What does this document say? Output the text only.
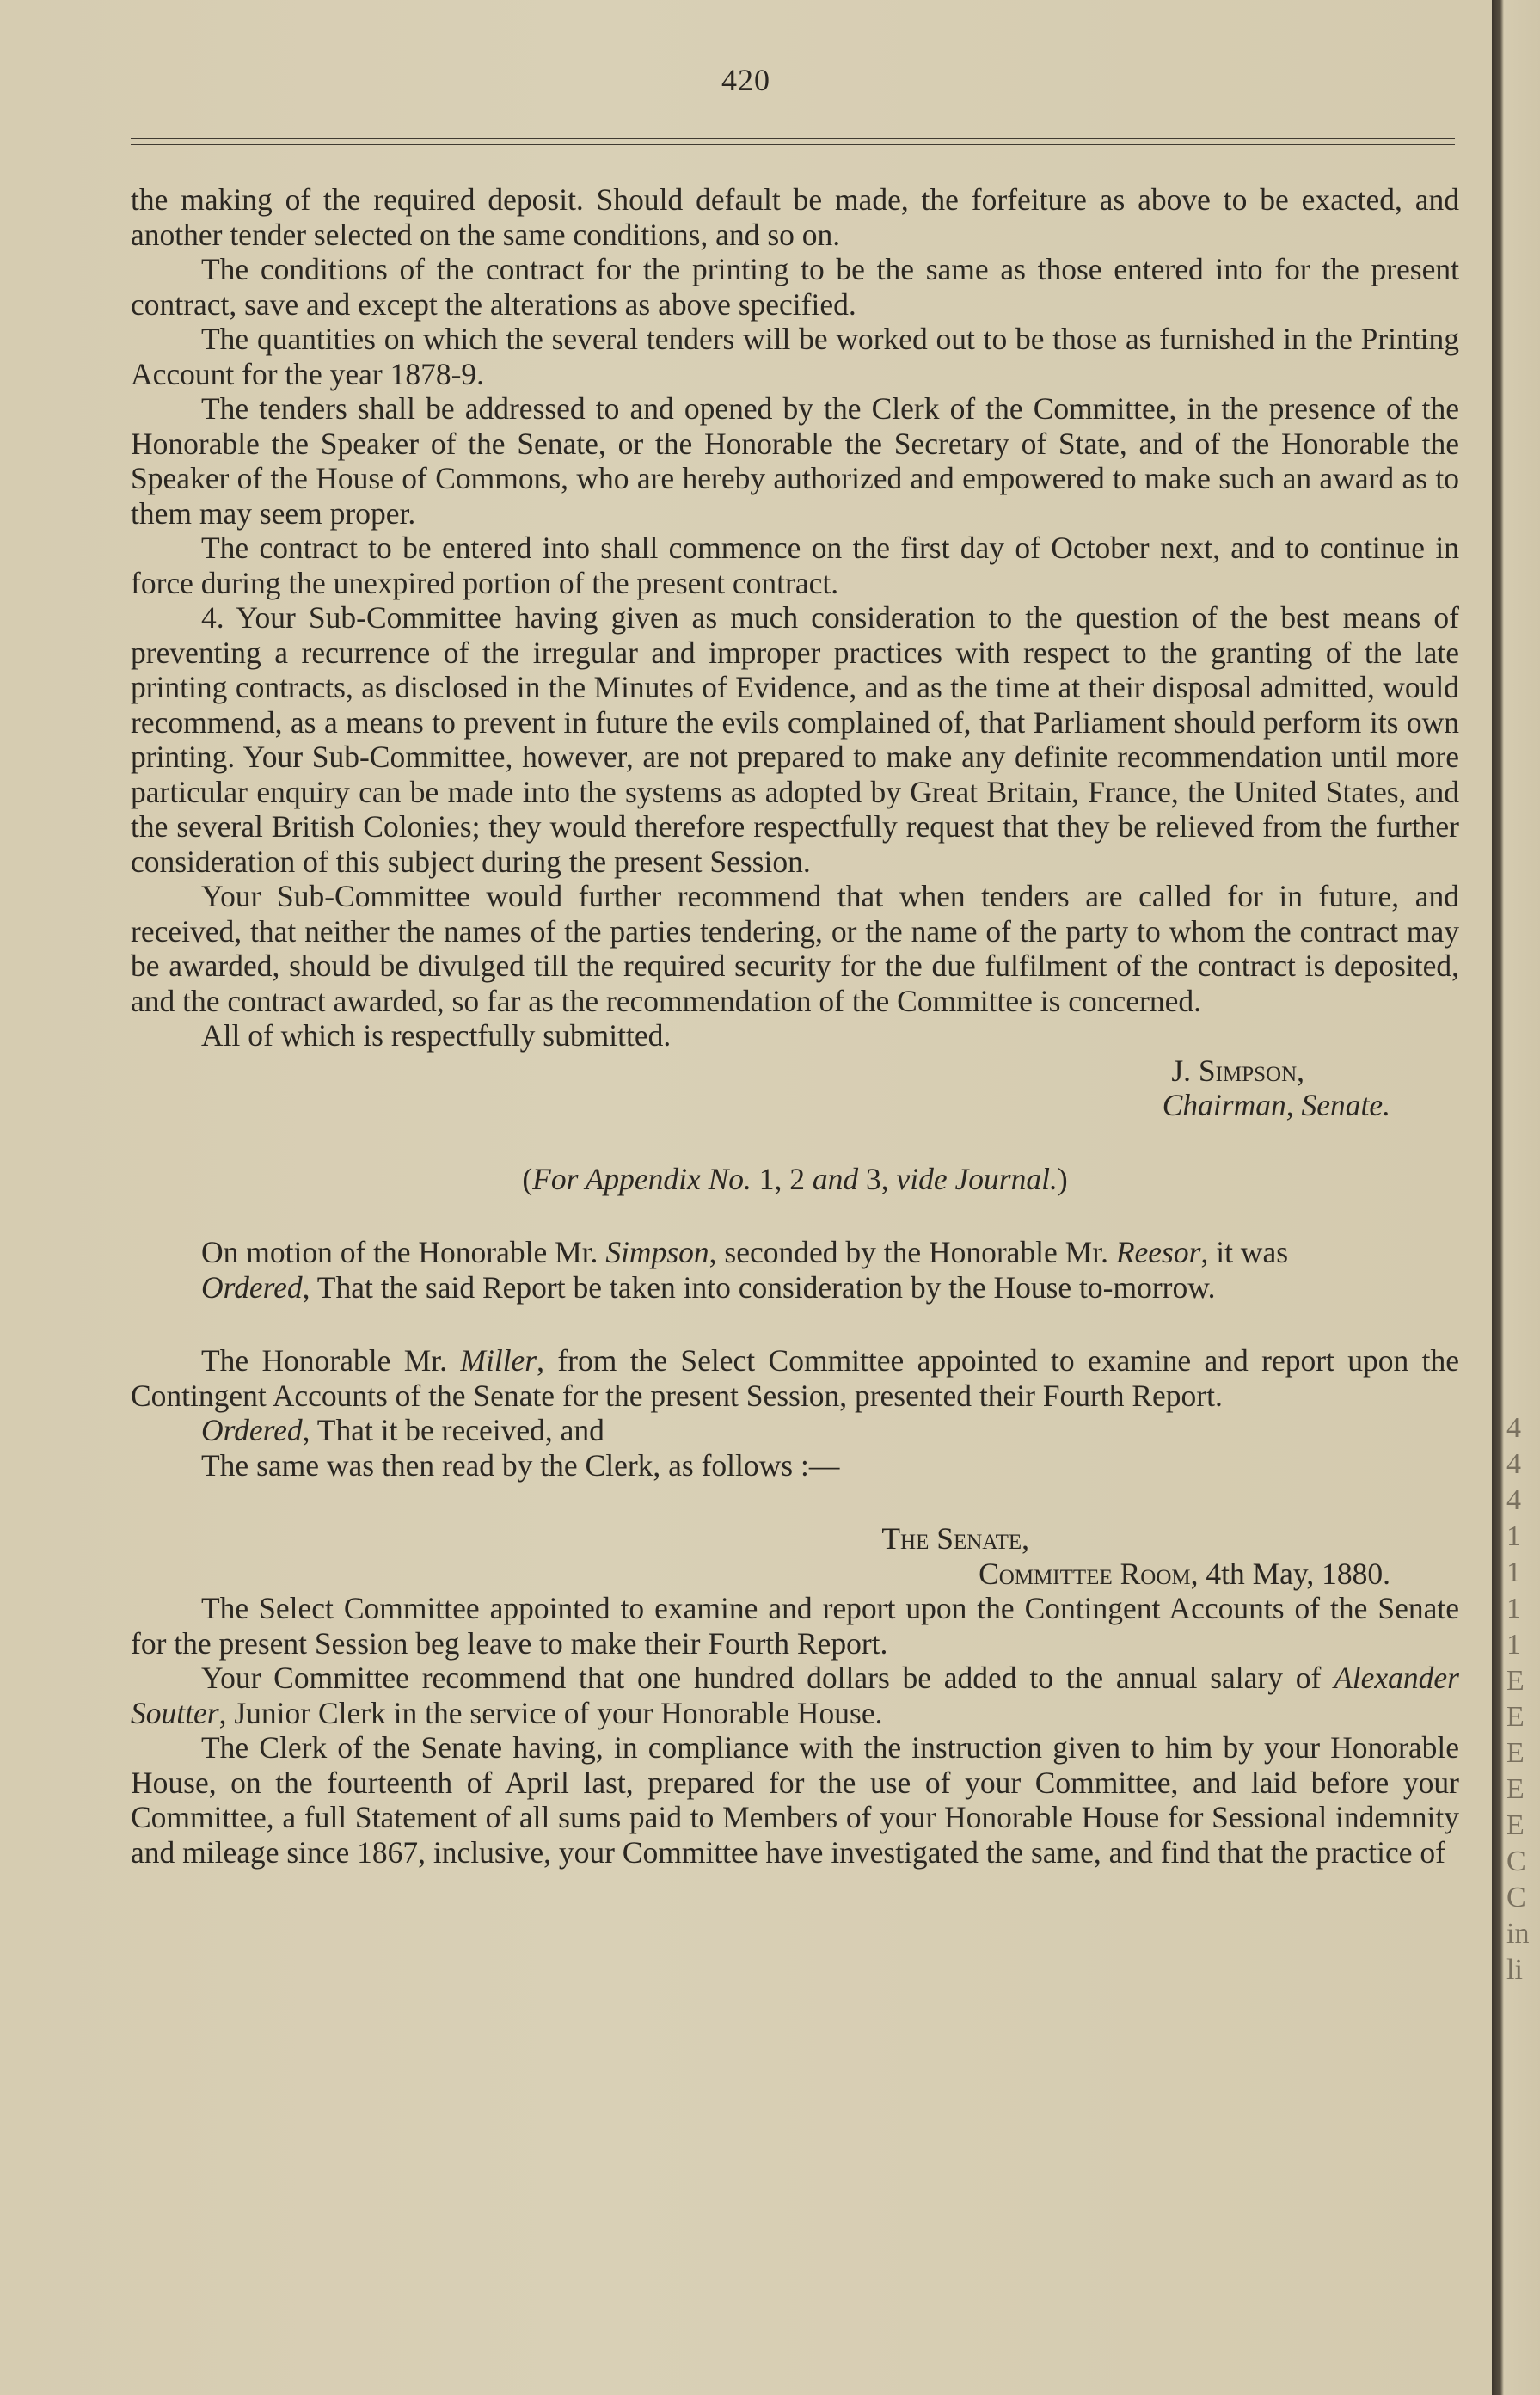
420

the making of the required deposit. Should default be made, the forfeiture as above to be exacted, and another tender selected on the same conditions, and so on.

The conditions of the contract for the printing to be the same as those entered into for the present contract, save and except the alterations as above specified.

The quantities on which the several tenders will be worked out to be those as furnished in the Printing Account for the year 1878-9.

The tenders shall be addressed to and opened by the Clerk of the Committee, in the presence of the Honorable the Speaker of the Senate, or the Honorable the Secretary of State, and of the Honorable the Speaker of the House of Commons, who are hereby authorized and empowered to make such an award as to them may seem proper.

The contract to be entered into shall commence on the first day of October next, and to continue in force during the unexpired portion of the present contract.

4. Your Sub-Committee having given as much consideration to the question of the best means of preventing a recurrence of the irregular and improper practices with respect to the granting of the late printing contracts, as disclosed in the Minutes of Evidence, and as the time at their disposal admitted, would recommend, as a means to prevent in future the evils complained of, that Parliament should perform its own printing. Your Sub-Committee, however, are not prepared to make any definite recommendation until more particular enquiry can be made into the systems as adopted by Great Britain, France, the United States, and the several British Colonies; they would therefore respectfully request that they be relieved from the further consideration of this subject during the present Session.

Your Sub-Committee would further recommend that when tenders are called for in future, and received, that neither the names of the parties tendering, or the name of the party to whom the contract may be awarded, should be divulged till the required security for the due fulfilment of the contract is deposited, and the contract awarded, so far as the recommendation of the Committee is concerned.

All of which is respectfully submitted.

J. Simpson,

Chairman, Senate.

(For Appendix No. 1, 2 and 3, vide Journal.)

On motion of the Honorable Mr. Simpson, seconded by the Honorable Mr. Reesor, it was

Ordered, That the said Report be taken into consideration by the House to-morrow.

The Honorable Mr. Miller, from the Select Committee appointed to examine and report upon the Contingent Accounts of the Senate for the present Session, presented their Fourth Report.

Ordered, That it be received, and

The same was then read by the Clerk, as follows :—

The Senate,

Committee Room, 4th May, 1880.

The Select Committee appointed to examine and report upon the Contingent Accounts of the Senate for the present Session beg leave to make their Fourth Report.

Your Committee recommend that one hundred dollars be added to the annual salary of Alexander Soutter, Junior Clerk in the service of your Honorable House.

The Clerk of the Senate having, in compliance with the instruction given to him by your Honorable House, on the fourteenth of April last, prepared for the use of your Committee, and laid before your Committee, a full Statement of all sums paid to Members of your Honorable House for Sessional indemnity and mileage since 1867, inclusive, your Committee have investigated the same, and find that the practice of

4
4
4
1
1
1
1
E
E
E
E
E
C
C
in
li
